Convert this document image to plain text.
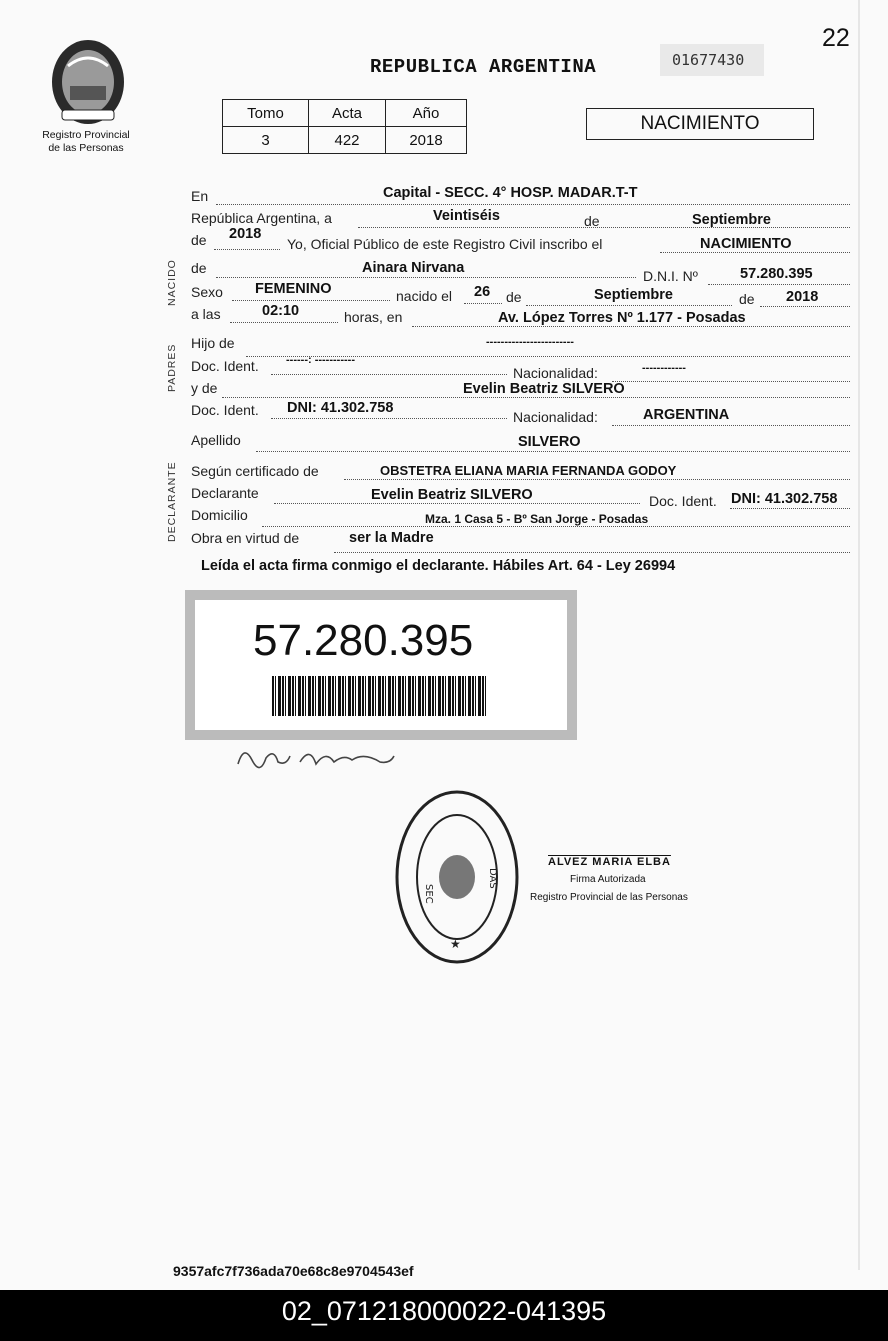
22
Registro Provincial
de las Personas
REPUBLICA ARGENTINA	01677430
Tomo	Acta	Año
3	422	2018
NACIMIENTO
NACIDO
PADRES
DECLARANTE
En	Capital - SECC. 4° HOSP. MADAR.T-T
República Argentina, a	Veintiséis	de	Septiembre
de 2018
Yo, Oficial Público de este Registro Civil inscribo el	NACIMIENTO
de	Ainara Nirvana	D.N.I. Nº	57.280.395
Sexo FEMENINO	nacido el 26 de	Septiembre	de 2018
a las	02:10	horas, en	Av. López Torres Nº 1.177 - Posadas
Hijo de	------------------------
Doc. Ident. ------: -----------
Nacionalidad:	------------
y de	Evelin Beatriz SILVERO
Doc. Ident. DNI: 41.302.758
Nacionalidad:	ARGENTINA
Apellido	SILVERO
Según certificado de	OBSTETRA ELIANA MARIA FERNANDA GODOY
Declarante	Evelin Beatriz SILVERO	Doc. Ident. DNI: 41.302.758
Domicilio	Mza. 1 Casa 5 - Bº San Jorge - Posadas
Obra en virtud de	ser la Madre
Leída el acta firma conmigo el declarante. Hábiles Art. 64 - Ley 26994
57.280.395
SEC
DAS
★
ALVEZ MARIA ELBA
Firma Autorizada
Registro Provincial de las Personas
9357afc7f736ada70e68c8e9704543ef
02_071218000022-041395
